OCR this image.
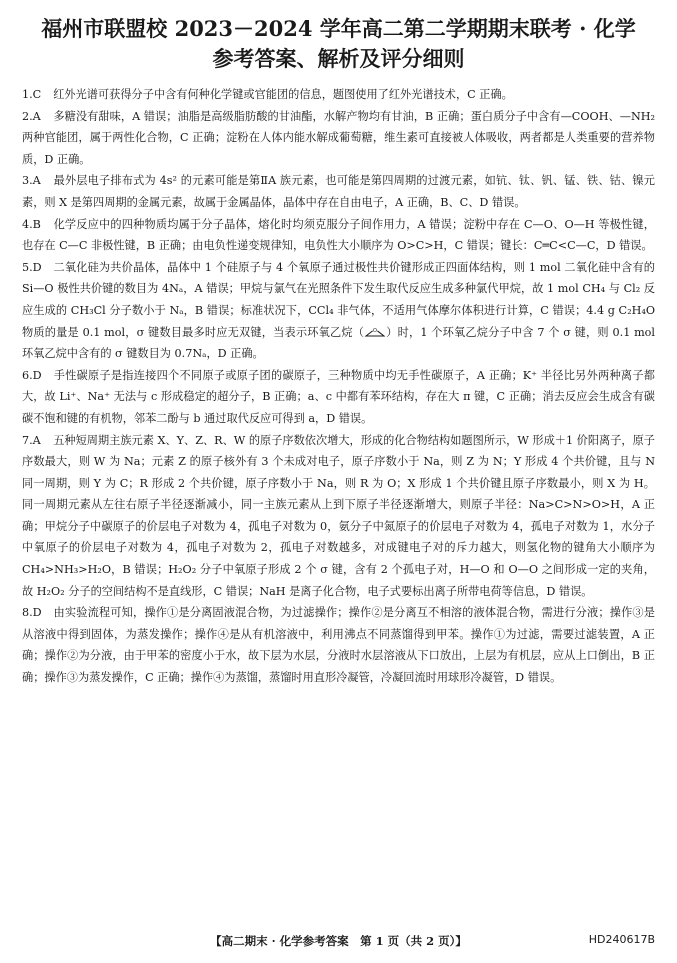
福州市联盟校 2023－2024 学年高二第二学期期末联考 · 化学
参考答案、解析及评分细则
1.C　 红外光谱可获得分子中含有何种化学键或官能团的信息，题图使用了红外光谱技术，C 正确。
2.A　 多糖没有甜味，A 错误；油脂是高级脂肪酸的甘油酯，水解产物均有甘油，B 正确；蛋白质分子中含有—COOH、—NH₂ 两种官能团，属于两性化合物，C 正确；淀粉在人体内能水解成葡萄糖，维生素可直接被人体吸收，两者都是人类重要的营养物质，D 正确。
3.A　 最外层电子排布式为 4s² 的元素可能是第ⅡA 族元素，也可能是第四周期的过渡元素，如钪、钛、钒、锰、铁、钴、镍元素，则 X 是第四周期的金属元素，故属于金属晶体，晶体中存在自由电子，A 正确，B、C、D 错误。
4.B　 化学反应中的四种物质均属于分子晶体，熔化时均须克服分子间作用力，A 错误；淀粉中存在 C—O、O—H 等极性键，也存在 C—C 非极性键，B 正确；由电负性递变规律知，电负性大小顺序为 O>C>H，C 错误；键长：C═C<C—C，D 错误。
5.D　 二氧化硅为共价晶体，晶体中 1 个硅原子与 4 个氧原子通过极性共价键形成正四面体结构，则 1 mol 二氧化硅中含有的 Si—O 极性共价键的数目为 4Nₐ，A 错误；甲烷与氯气在光照条件下发生取代反应生成多种氯代甲烷，故 1 mol CH₄ 与 Cl₂ 反应生成的 CH₃Cl 分子数小于 Nₐ，B 错误；标准状况下，CCl₄ 非气体，不适用气体摩尔体积进行计算，C 错误；4.4 g C₂H₄O 物质的量是 0.1 mol，σ 键数目最多时应无双键，当表示环氧乙烷（ O ）时，1 个环氧乙烷分子中含 7 个 σ 键，则 0.1 mol 环氧乙烷中含有的 σ 键数目为 0.7Nₐ，D 正确。
6.D　 手性碳原子是指连接四个不同原子或原子团的碳原子，三种物质中均无手性碳原子，A 正确；K⁺ 半径比另外两种离子都大，故 Li⁺、Na⁺ 无法与 c 形成稳定的超分子，B 正确；a、c 中都有苯环结构，存在大 π 键，C 正确；消去反应会生成含有碳碳不饱和键的有机物，邻苯二酚与 b 通过取代反应可得到 a，D 错误。
7.A　 五种短周期主族元素 X、Y、Z、R、W 的原子序数依次增大，形成的化合物结构如题图所示，W 形成＋1 价阳离子，原子序数最大，则 W 为 Na；元素 Z 的原子核外有 3 个未成对电子，原子序数小于 Na，则 Z 为 N；Y 形成 4 个共价键，且与 N 同一周期，则 Y 为 C；R 形成 2 个共价键，原子序数小于 Na，则 R 为 O；X 形成 1 个共价键且原子序数最小，则 X 为 H。同一周期元素从左往右原子半径逐渐减小，同一主族元素从上到下原子半径逐渐增大，则原子半径：Na>C>N>O>H，A 正确；甲烷分子中碳原子的价层电子对数为 4，孤电子对数为 0，氨分子中氮原子的价层电子对数为 4，孤电子对数为 1，水分子中氧原子的价层电子对数为 4，孤电子对数为 2，孤电子对数越多，对成键电子对的斥力越大，则氢化物的键角大小顺序为 CH₄>NH₃>H₂O，B 错误；H₂O₂ 分子中氧原子形成 2 个 σ 键，含有 2 个孤电子对，H—O 和 O—O 之间形成一定的夹角，故 H₂O₂ 分子的空间结构不是直线形，C 错误；NaH 是离子化合物，电子式要标出离子所带电荷等信息，D 错误。
8.D　 由实验流程可知，操作①是分离固液混合物，为过滤操作；操作②是分离互不相溶的液体混合物，需进行分液；操作③是从溶液中得到固体，为蒸发操作；操作④是从有机溶液中，利用沸点不同蒸馏得到甲苯。操作①为过滤，需要过滤装置，A 正确；操作②为分液，由于甲苯的密度小于水，故下层为水层，分液时水层溶液从下口放出，上层为有机层，应从上口倒出，B 正确；操作③为蒸发操作，C 正确；操作④为蒸馏，蒸馏时用直形冷凝管，冷凝回流时用球形冷凝管，D 错误。
【高二期末 · 化学参考答案　第 1 页（共 2 页）】	HD240617B
